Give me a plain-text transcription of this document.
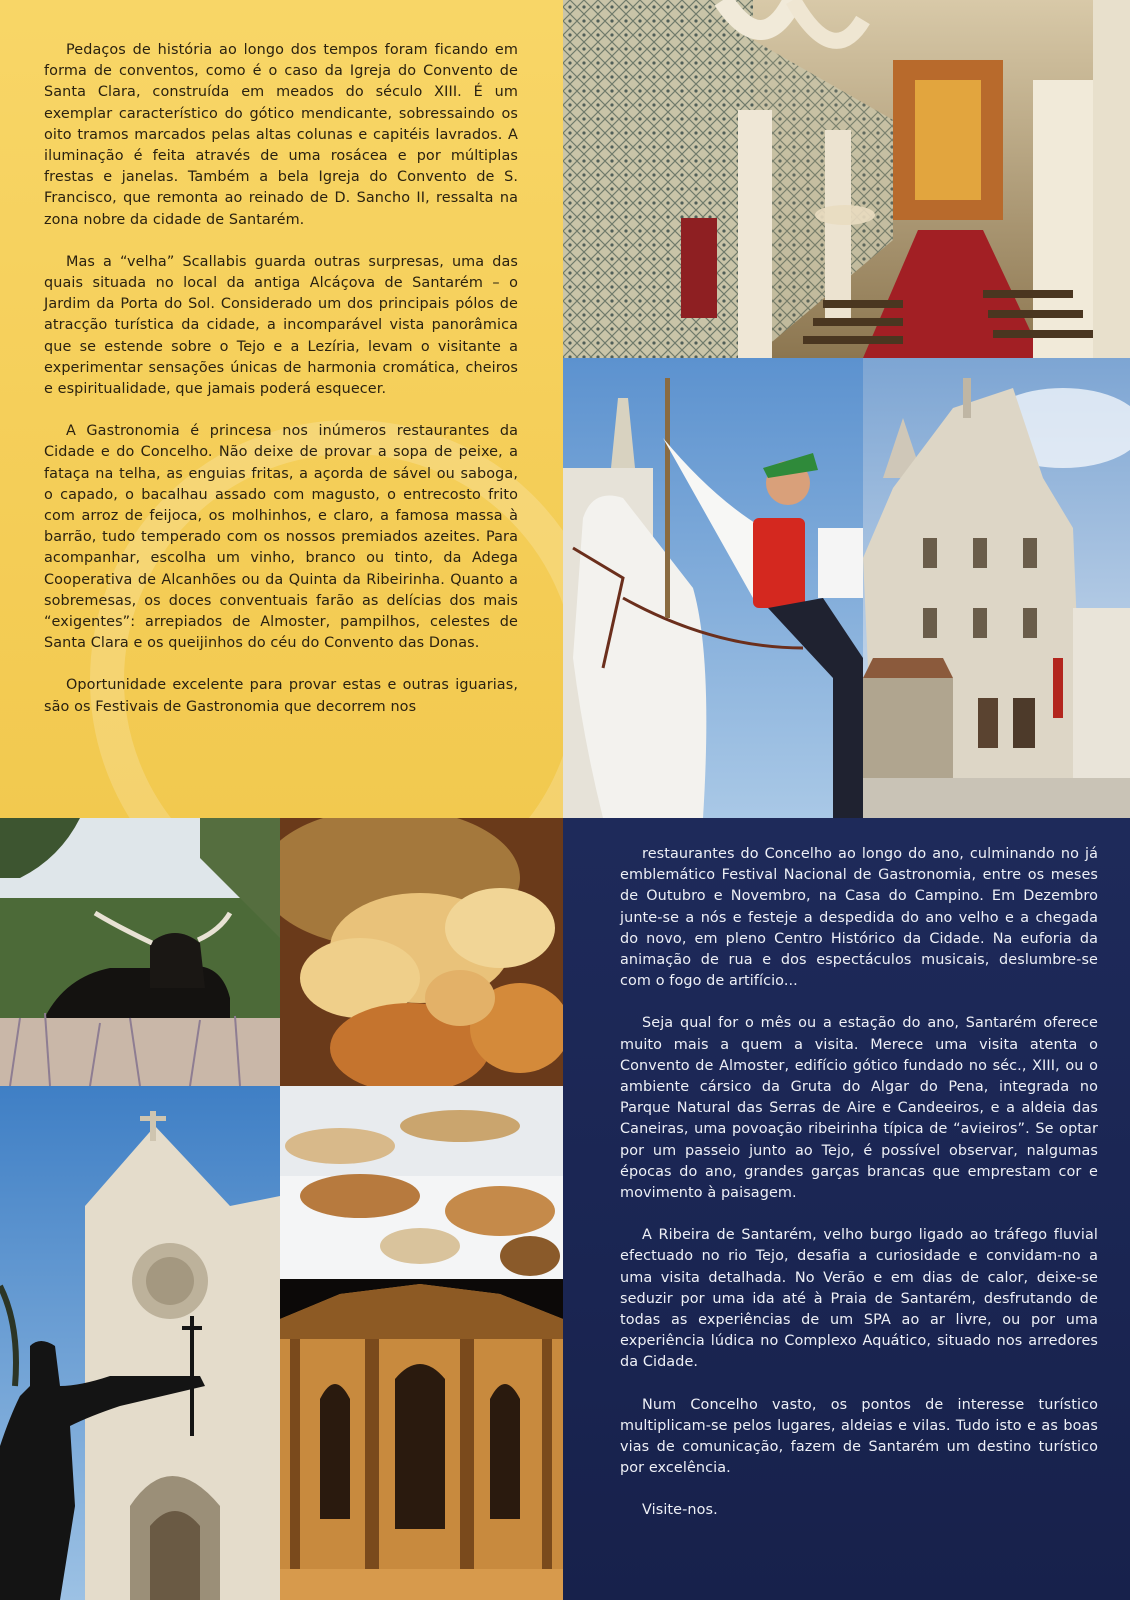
Pedaços de história ao longo dos tempos foram ficando em forma de conventos, como é o caso da Igreja do Convento de Santa Clara, construída em meados do século XIII. É um exemplar característico do gótico mendicante, sobressaindo os oito tramos marcados pelas altas colunas e capitéis lavrados. A iluminação é feita através de uma rosácea e por múltiplas frestas e janelas. Também a bela Igreja do Convento de S. Francisco, que remonta ao reinado de D. Sancho II, ressalta na zona nobre da cidade de Santarém.

Mas a “velha” Scallabis guarda outras surpresas, uma das quais situada no local da antiga Alcáçova de Santarém – o Jardim da Porta do Sol. Considerado um dos principais pólos de atracção turística da cidade, a incomparável vista panorâmica que se estende sobre o Tejo e a Lezíria, levam o visitante a experimentar sensações únicas de harmonia cromática, cheiros e espiritualidade, que jamais poderá esquecer.

A Gastronomia é princesa nos inúmeros restaurantes da Cidade e do Concelho. Não deixe de provar a sopa de peixe, a fataça na telha, as enguias fritas, a açorda de sável ou saboga, o capado, o bacalhau assado com magusto, o entrecosto frito com arroz de feijoca, os molhinhos, e claro, a famosa massa à barrão, tudo temperado com os nossos premiados azeites. Para acompanhar, escolha um vinho, branco ou tinto, da Adega Cooperativa de Alcanhões ou da Quinta da Ribeirinha. Quanto a sobremesas, os doces conventuais farão as delícias dos mais “exigentes”: arrepiados de Almoster, pampilhos, celestes de Santa Clara e os queijinhos do céu do Convento das Donas.

Oportunidade excelente para provar estas e outras iguarias, são os Festivais de Gastronomia que decorrem nos

restaurantes do Concelho ao longo do ano, culminando no já emblemático Festival Nacional de Gastronomia, entre os meses de Outubro e Novembro, na Casa do Campino. Em Dezembro junte-se a nós e festeje a despedida do ano velho e a chegada do novo, em pleno Centro Histórico da Cidade. Na euforia da animação de rua e dos espectáculos musicais, deslumbre-se com o fogo de artifício...

Seja qual for o mês ou a estação do ano, Santarém oferece muito mais a quem a visita. Merece uma visita atenta o Convento de Almoster, edifício gótico fundado no séc., XIII, ou o ambiente cársico da Gruta do Algar do Pena, integrada no Parque Natural das Serras de Aire e Candeeiros, e a aldeia das Caneiras, uma povoação ribeirinha típica de “avieiros”. Se optar por um passeio junto ao Tejo, é possível observar, nalgumas épocas do ano, grandes garças brancas que emprestam cor e movimento à paisagem.

A Ribeira de Santarém, velho burgo ligado ao tráfego fluvial efectuado no rio Tejo, desafia a curiosidade e convidam-no a uma visita detalhada. No Verão e em dias de calor, deixe-se seduzir por uma ida até à Praia de Santarém, desfrutando de todas as experiências de um SPA ao ar livre, ou por uma experiência lúdica no Complexo Aquático, situado nos arredores da Cidade.

Num Concelho vasto, os pontos de interesse turístico multiplicam-se pelos lugares, aldeias e vilas. Tudo isto e as boas vias de comunicação, fazem de Santarém um destino turístico por excelência.

Visite-nos.
